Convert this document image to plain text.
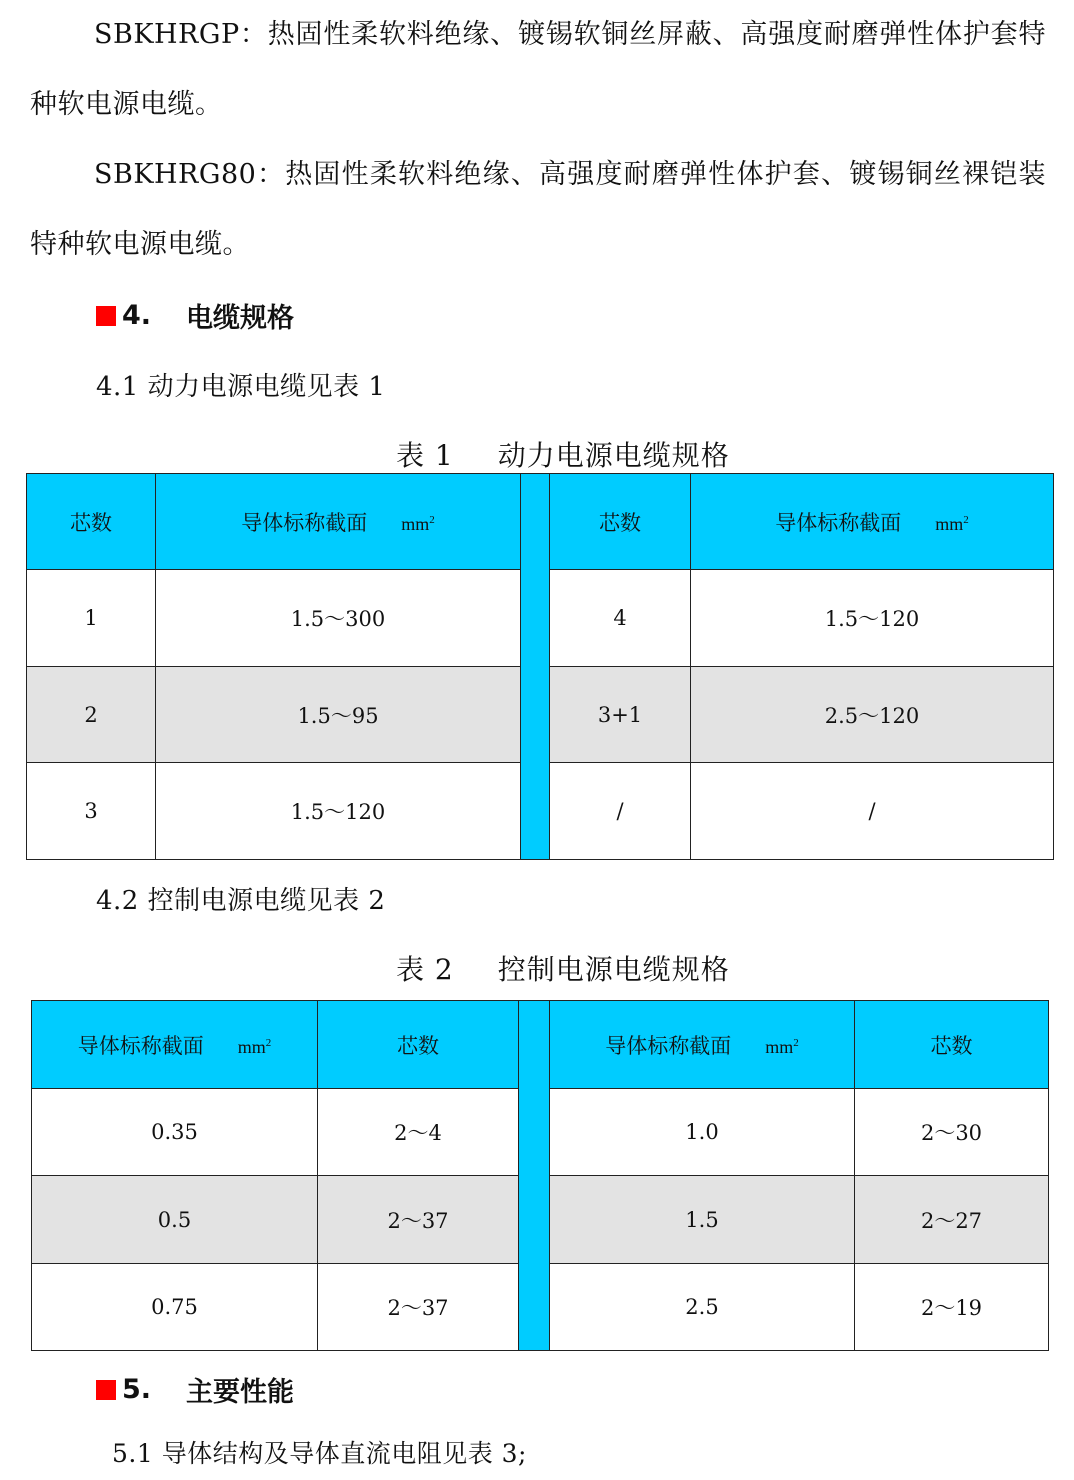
SBKHRGP：热固性柔软料绝缘、镀锡软铜丝屏蔽、高强度耐磨弹性体护套特种软电源电缆。

SBKHRG80：热固性柔软料绝缘、高强度耐磨弹性体护套、镀锡铜丝裸铠装特种软电源电缆。

4.	电缆规格

4.1 动力电源电缆见表 1

表 1 动力电源电缆规格

芯数	导体标称截面 $mm^2$		芯数	导体标称截面 $mm^2$
1	1.5～300		4	1.5～120
2	1.5～95		3+1	2.5～120
3	1.5～120		/	/

4.2 控制电源电缆见表 2

表 2 控制电源电缆规格

导体标称截面 $mm^2$	芯数		导体标称截面 $mm^2$	芯数
0.35	2～4		1.0	2～30
0.5	2～37		1.5	2～27
0.75	2～37		2.5	2～19
5.	主要性能

5.1 导体结构及导体直流电阻见表 3;
